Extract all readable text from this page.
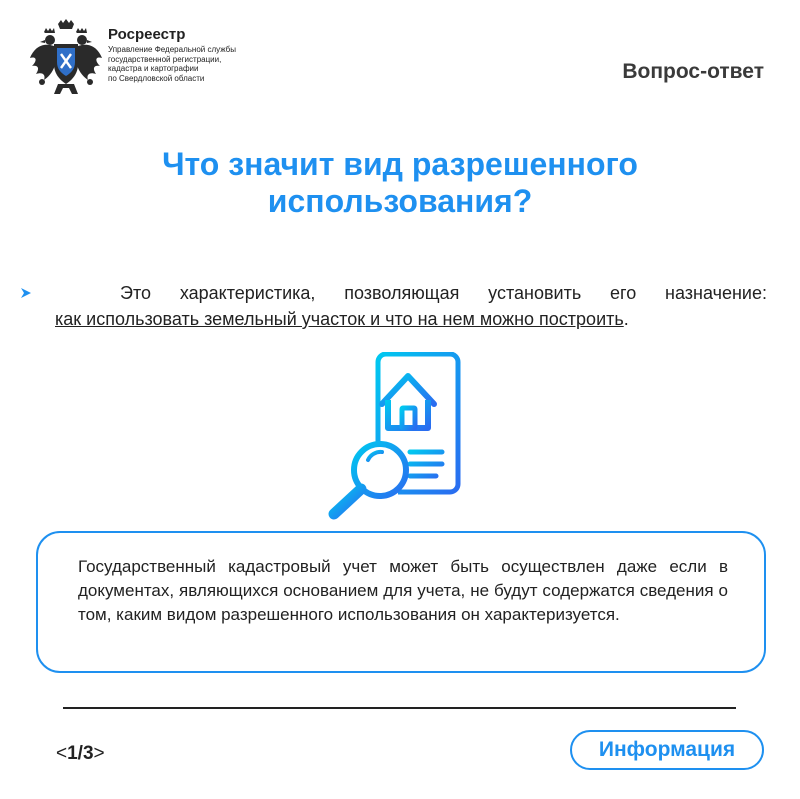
Росреестр
Управление Федеральной службы
государственной регистрации,
кадастра и картографии
по Свердловской области	Вопрос-ответ
Что значит вид разрешенного
использования?
Это характеристика, позволяющая установить его назначение:
как использовать земельный участок и что на нем можно построить.
Государственный кадастровый учет может быть осуществлен даже если в документах, являющихся основанием для учета, не будут содержатся сведения о том, каким видом разрешенного использования он характеризуется.
<1/3>	Информация
